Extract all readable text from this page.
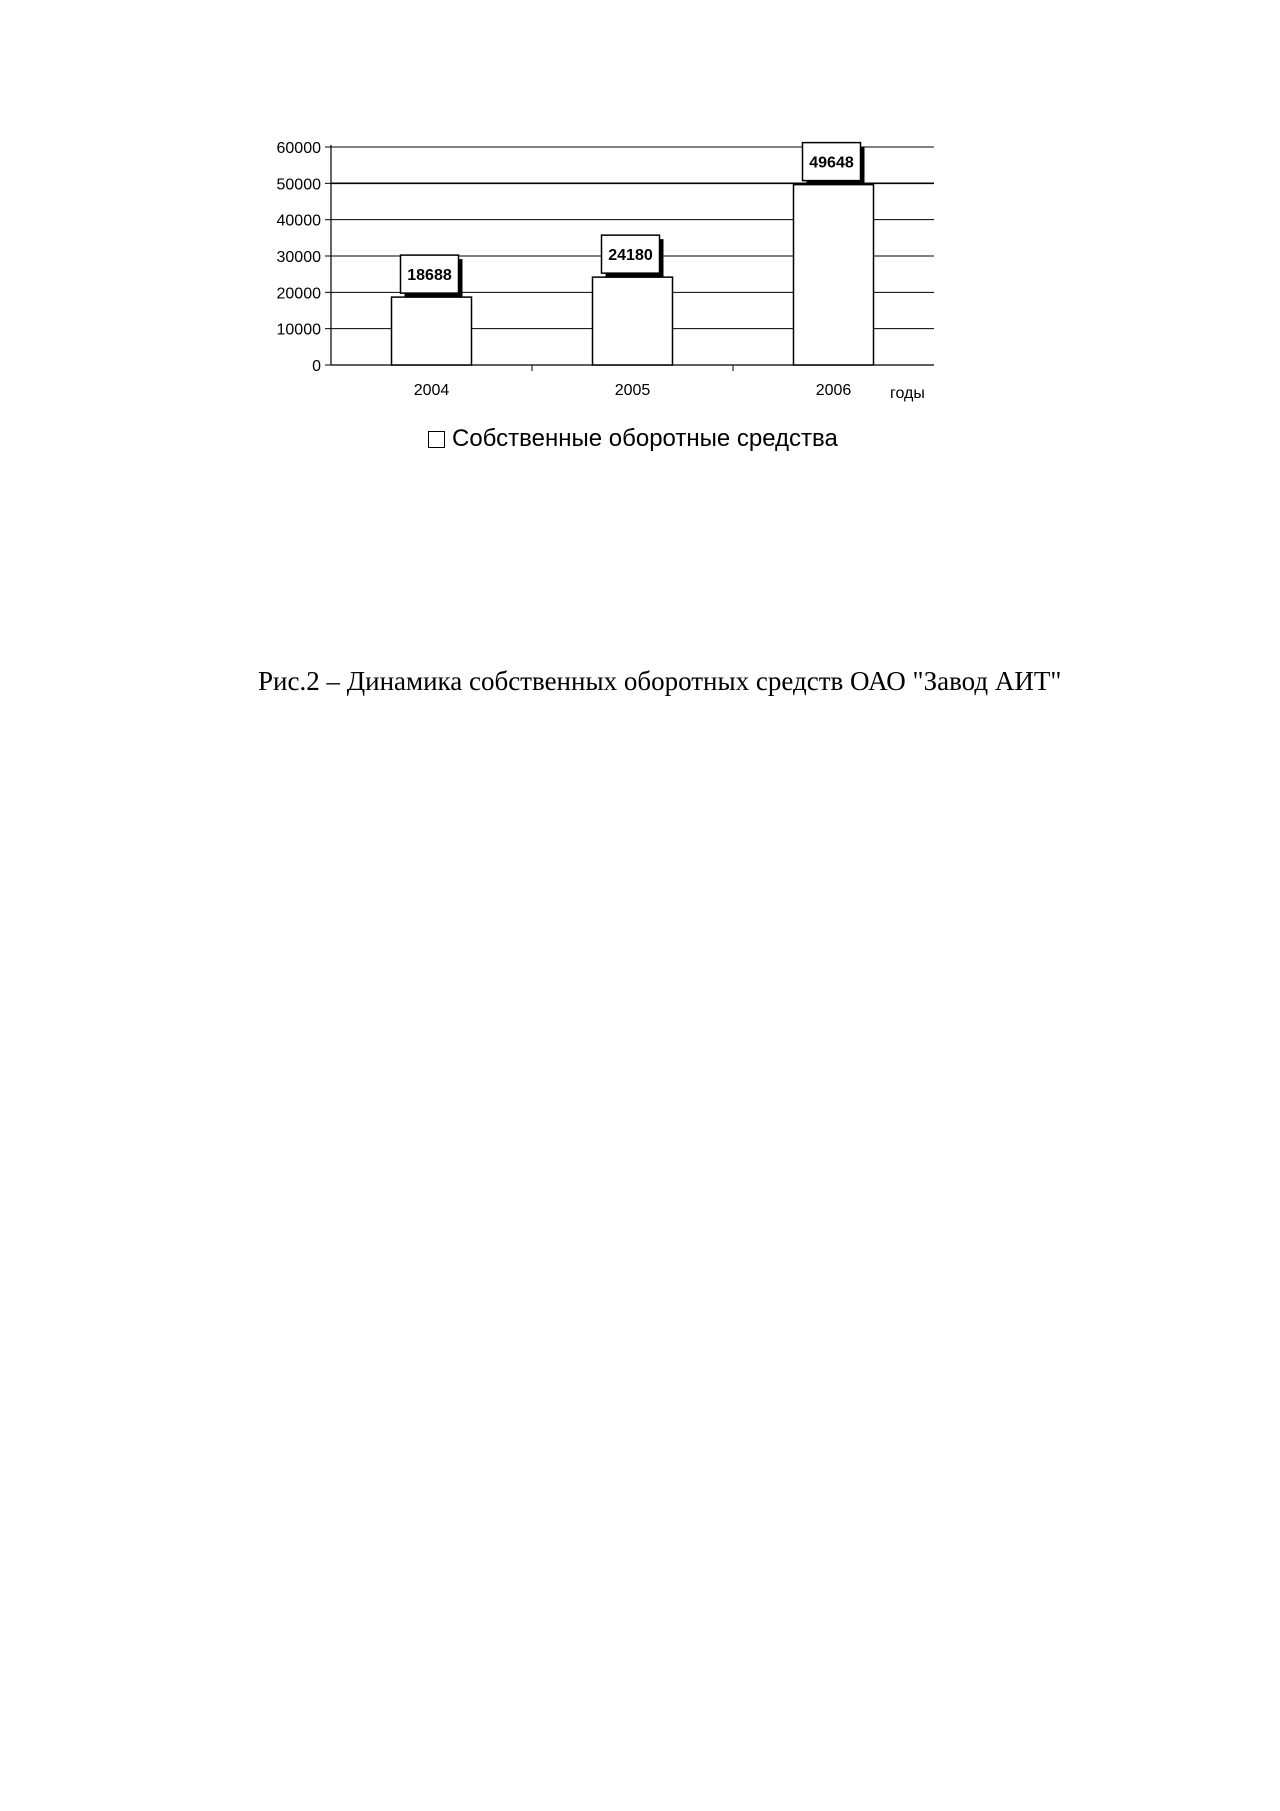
0
10000
20000
30000
40000
50000
60000
2004
18688
2005
24180
2006
49648
годы
Собственные оборотные средства
Рис.2 – Динамика собственных оборотных средств ОАО "Завод АИТ"
